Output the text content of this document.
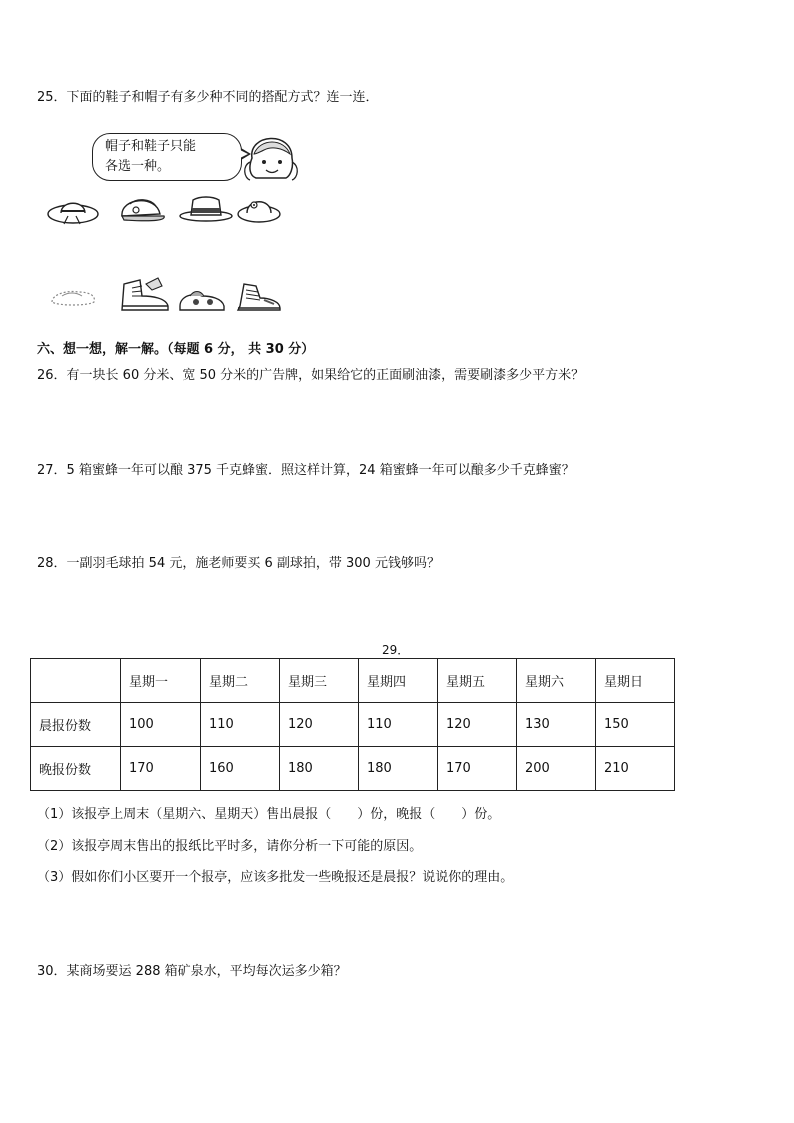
25．下面的鞋子和帽子有多少种不同的搭配方式？连一连．
帽子和鞋子只能
各选一种。
六、想一想，解一解。（每题 6 分， 共 30 分）
26．有一块长 60 分米、宽 50 分米的广告牌，如果给它的正面刷油漆，需要刷漆多少平方米？
27．5 箱蜜蜂一年可以酿 375 千克蜂蜜．照这样计算，24 箱蜜蜂一年可以酿多少千克蜂蜜？
28．一副羽毛球拍 54 元，施老师要买 6 副球拍，带 300 元钱够吗？
29．
	星期一	星期二	星期三	星期四	星期五	星期六	星期日
晨报份数	100	110	120	110	120	130	150
晚报份数	170	160	180	180	170	200	210
（1）该报亭上周末（星期六、星期天）售出晨报（　　）份，晚报（　　）份。
（2）该报亭周末售出的报纸比平时多，请你分析一下可能的原因。
（3）假如你们小区要开一个报亭，应该多批发一些晚报还是晨报？说说你的理由。
30．某商场要运 288 箱矿泉水，平均每次运多少箱？
